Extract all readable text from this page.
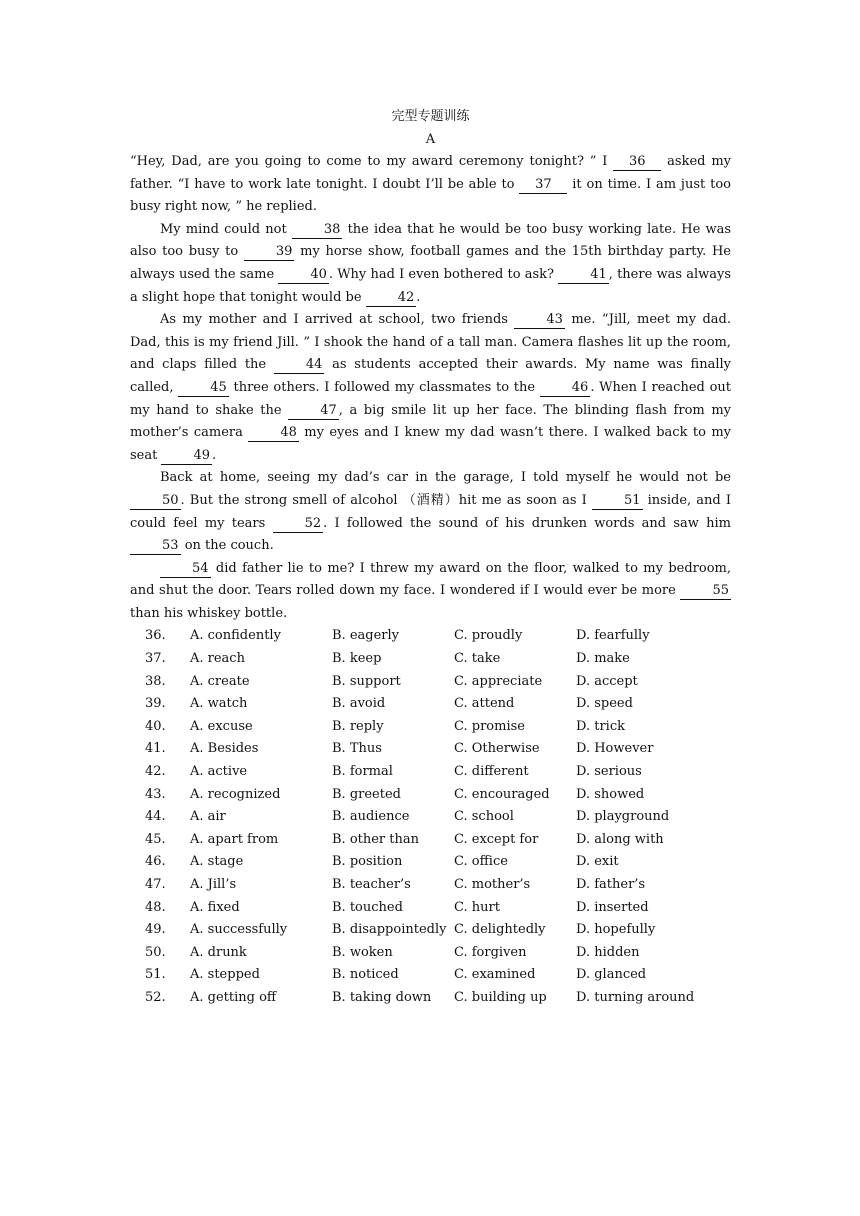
完型专题训练
A

“Hey, Dad, are you going to come to my award ceremony tonight? ” I 36 asked my father. “I have to work late tonight. I doubt I’ll be able to 37 it on time. I am just too busy right now, ” he replied.

My mind could not	38 the idea that he would be too busy working late. He was also too busy to	39 my horse show, football games and the 15th birthday party. He always used the same	40 . Why had I even bothered to ask?	41 , there was always a slight hope that tonight would be	42 .

As my mother and I arrived at school, two friends	43 me. “Jill, meet my dad. Dad, this is my friend Jill. ” I shook the hand of a tall man. Camera flashes lit up the room, and claps filled the	44 as students accepted their awards. My name was finally called,	45 three others. I followed my classmates to the	46 . When I reached out my hand to shake the	47 , a big smile lit up her face. The blinding flash from my mother’s camera	48 my eyes and I knew my dad wasn’t there. I walked back to my seat	49 .

Back at home, seeing my dad’s car in the garage, I told myself he would not be 50 . But the strong smell of alcohol （酒精）hit me as soon as I	51 inside, and I could feel my tears	52 . I followed the sound of his drunken words and saw him 53 on the couch.

54 did father lie to me? I threw my award on the floor, walked to my bedroom, and shut the door. Tears rolled down my face. I wondered if I would ever be more	55 than his whiskey bottle.

36.	A. confidently	B. eagerly	C. proudly	D. fearfully
37.	A. reach	B. keep	C. take	D. make
38.	A. create	B. support	C. appreciate	D. accept
39.	A. watch	B. avoid	C. attend	D. speed
40.	A. excuse	B. reply	C. promise	D. trick
41.	A. Besides	B. Thus	C. Otherwise	D. However
42.	A. active	B. formal	C. different	D. serious
43.	A. recognized	B. greeted	C. encouraged	D. showed
44.	A. air	B. audience	C. school	D. playground
45.	A. apart from	B. other than	C. except for	D. along with
46.	A. stage	B. position	C. office	D. exit
47.	A. Jill’s	B. teacher’s	C. mother’s	D. father’s
48.	A. fixed	B. touched	C. hurt	D. inserted
49.	A. successfully	B. disappointedly C. delightedly	D. hopefully
50.	A. drunk	B. woken	C. forgiven	D. hidden
51.	A. stepped	B. noticed	C. examined	D. glanced
52.	A. getting off	B. taking down	C. building up	D. turning around
